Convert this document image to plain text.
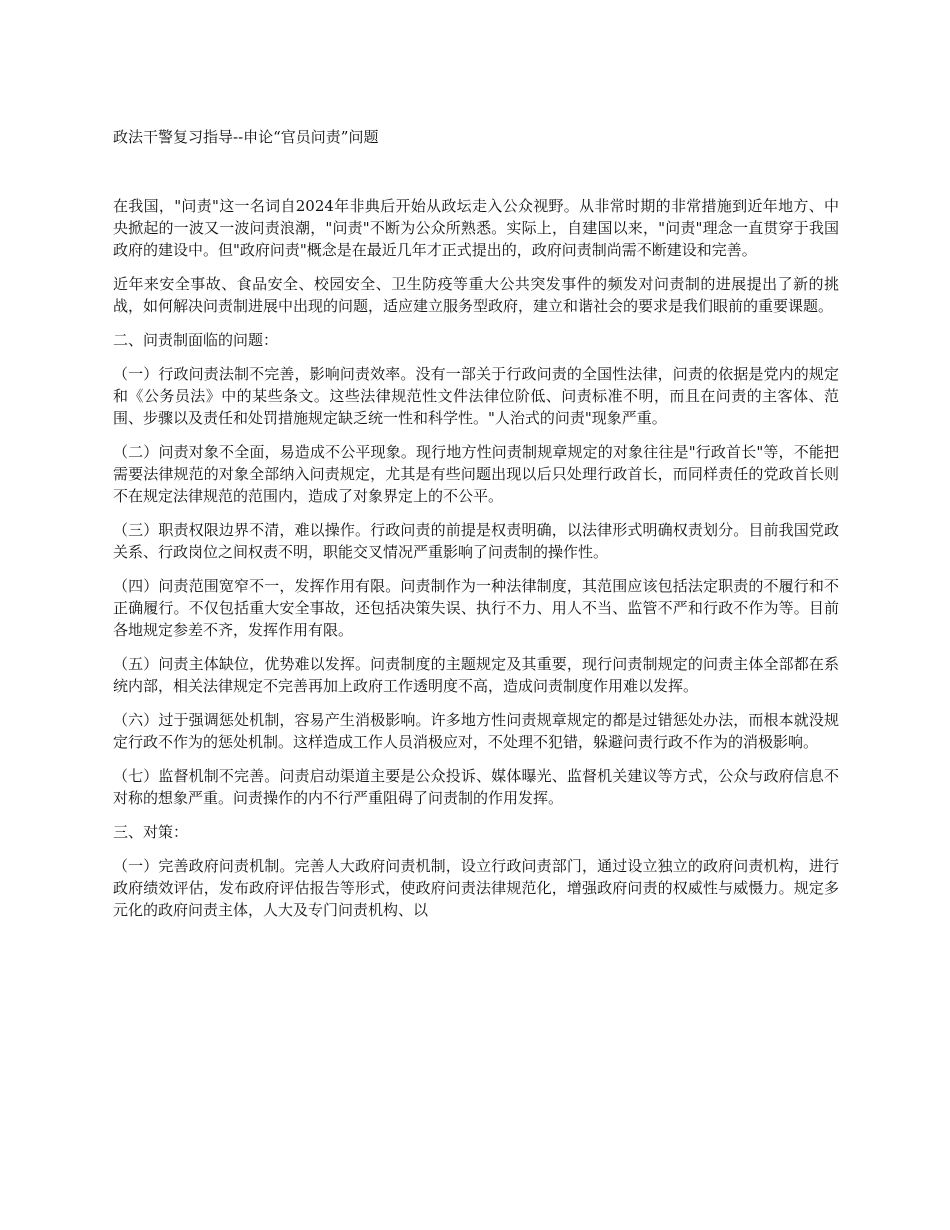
政法干警复习指导--申论“官员问责”问题

在我国，"问责"这一名词自2024年非典后开始从政坛走入公众视野。从非常时期的非常措施到近年地方、中央掀起的一波又一波问责浪潮，"问责"不断为公众所熟悉。实际上，自建国以来，"问责"理念一直贯穿于我国政府的建设中。但"政府问责"概念是在最近几年才正式提出的，政府问责制尚需不断建设和完善。

近年来安全事故、食品安全、校园安全、卫生防疫等重大公共突发事件的频发对问责制的进展提出了新的挑战，如何解决问责制进展中出现的问题，适应建立服务型政府，建立和谐社会的要求是我们眼前的重要课题。

二、问责制面临的问题：

（一）行政问责法制不完善，影响问责效率。没有一部关于行政问责的全国性法律，问责的依据是党内的规定和《公务员法》中的某些条文。这些法律规范性文件法律位阶低、问责标准不明，而且在问责的主客体、范围、步骤以及责任和处罚措施规定缺乏统一性和科学性。"人治式的问责"现象严重。

（二）问责对象不全面，易造成不公平现象。现行地方性问责制规章规定的对象往往是"行政首长"等，不能把需要法律规范的对象全部纳入问责规定，尤其是有些问题出现以后只处理行政首长，而同样责任的党政首长则不在规定法律规范的范围内，造成了对象界定上的不公平。

（三）职责权限边界不清，难以操作。行政问责的前提是权责明确，以法律形式明确权责划分。目前我国党政关系、行政岗位之间权责不明，职能交叉情况严重影响了问责制的操作性。

（四）问责范围宽窄不一，发挥作用有限。问责制作为一种法律制度，其范围应该包括法定职责的不履行和不正确履行。不仅包括重大安全事故，还包括决策失误、执行不力、用人不当、监管不严和行政不作为等。目前各地规定参差不齐，发挥作用有限。

（五）问责主体缺位，优势难以发挥。问责制度的主题规定及其重要，现行问责制规定的问责主体全部都在系统内部，相关法律规定不完善再加上政府工作透明度不高，造成问责制度作用难以发挥。

（六）过于强调惩处机制，容易产生消极影响。许多地方性问责规章规定的都是过错惩处办法，而根本就没规定行政不作为的惩处机制。这样造成工作人员消极应对，不处理不犯错，躲避问责行政不作为的消极影响。

（七）监督机制不完善。问责启动渠道主要是公众投诉、媒体曝光、监督机关建议等方式，公众与政府信息不对称的想象严重。问责操作的内不行严重阻碍了问责制的作用发挥。

三、对策：

（一）完善政府问责机制。完善人大政府问责机制，设立行政问责部门，通过设立独立的政府问责机构，进行政府绩效评估，发布政府评估报告等形式，使政府问责法律规范化，增强政府问责的权威性与威慑力。规定多元化的政府问责主体，人大及专门问责机构、以
